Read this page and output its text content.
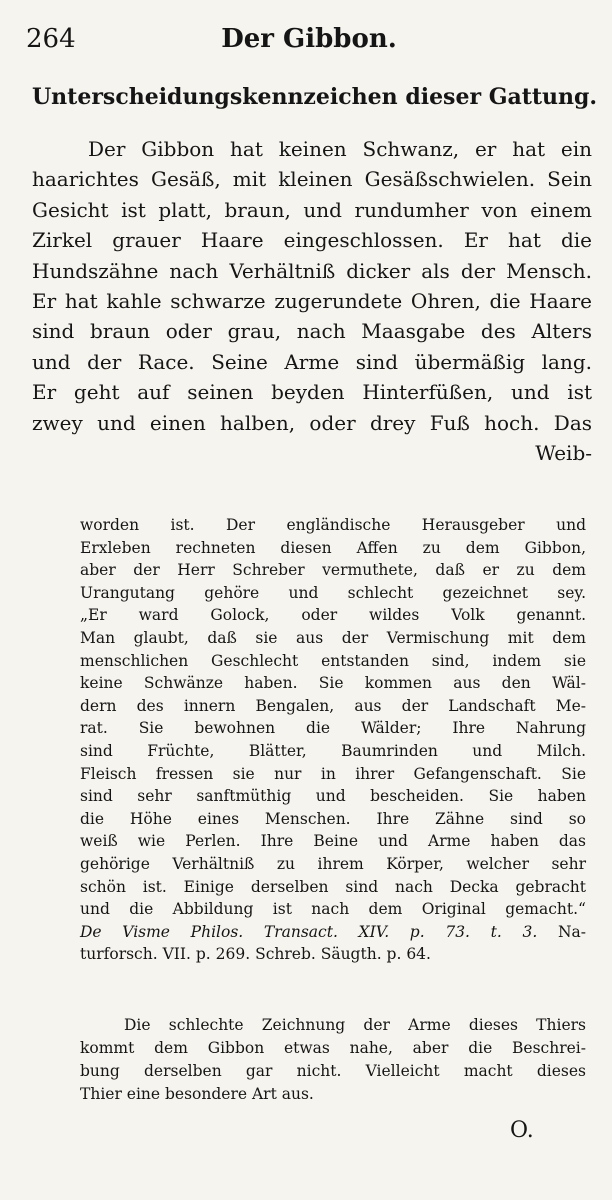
264	Der Gibbon.
Unterscheidungskennzeichen dieser Gattung.
Der Gibbon hat keinen Schwanz, er hat ein
haarichtes Gesäß, mit kleinen Gesäßschwielen. Sein
Gesicht ist platt, braun, und rundumher von einem
Zirkel grauer Haare eingeschlossen. Er hat die
Hundszähne nach Verhältniß dicker als der Mensch.
Er hat kahle schwarze zugerundete Ohren, die Haare
sind braun oder grau, nach Maasgabe des Alters
und der Race. Seine Arme sind übermäßig lang.
Er geht auf seinen beyden Hinterfüßen, und ist
zwey und einen halben, oder drey Fuß hoch. Das
Weib-
worden ist. Der engländische Herausgeber und
Erxleben rechneten diesen Affen zu dem Gibbon,
aber der Herr Schreber vermuthete, daß er zu dem
Urangutang gehöre und schlecht gezeichnet sey.
„Er ward Golock, oder wildes Volk genannt.
Man glaubt, daß sie aus der Vermischung mit dem
menschlichen Geschlecht entstanden sind, indem sie
keine Schwänze haben. Sie kommen aus den Wäl-
dern des innern Bengalen, aus der Landschaft Me-
rat. Sie bewohnen die Wälder; Ihre Nahrung
sind Früchte, Blätter, Baumrinden und Milch.
Fleisch fressen sie nur in ihrer Gefangenschaft. Sie
sind sehr sanftmüthig und bescheiden. Sie haben
die Höhe eines Menschen. Ihre Zähne sind so
weiß wie Perlen. Ihre Beine und Arme haben das
gehörige Verhältniß zu ihrem Körper, welcher sehr
schön ist. Einige derselben sind nach Decka gebracht
und die Abbildung ist nach dem Original gemacht.“
De Visme Philos. Transact. XIV. p. 73. t. 3. Na-
turforsch. VII. p. 269. Schreb. Säugth. p. 64.
Die schlechte Zeichnung der Arme dieses Thiers
kommt dem Gibbon etwas nahe, aber die Beschrei-
bung derselben gar nicht. Vielleicht macht dieses
Thier eine besondere Art aus.
O.
